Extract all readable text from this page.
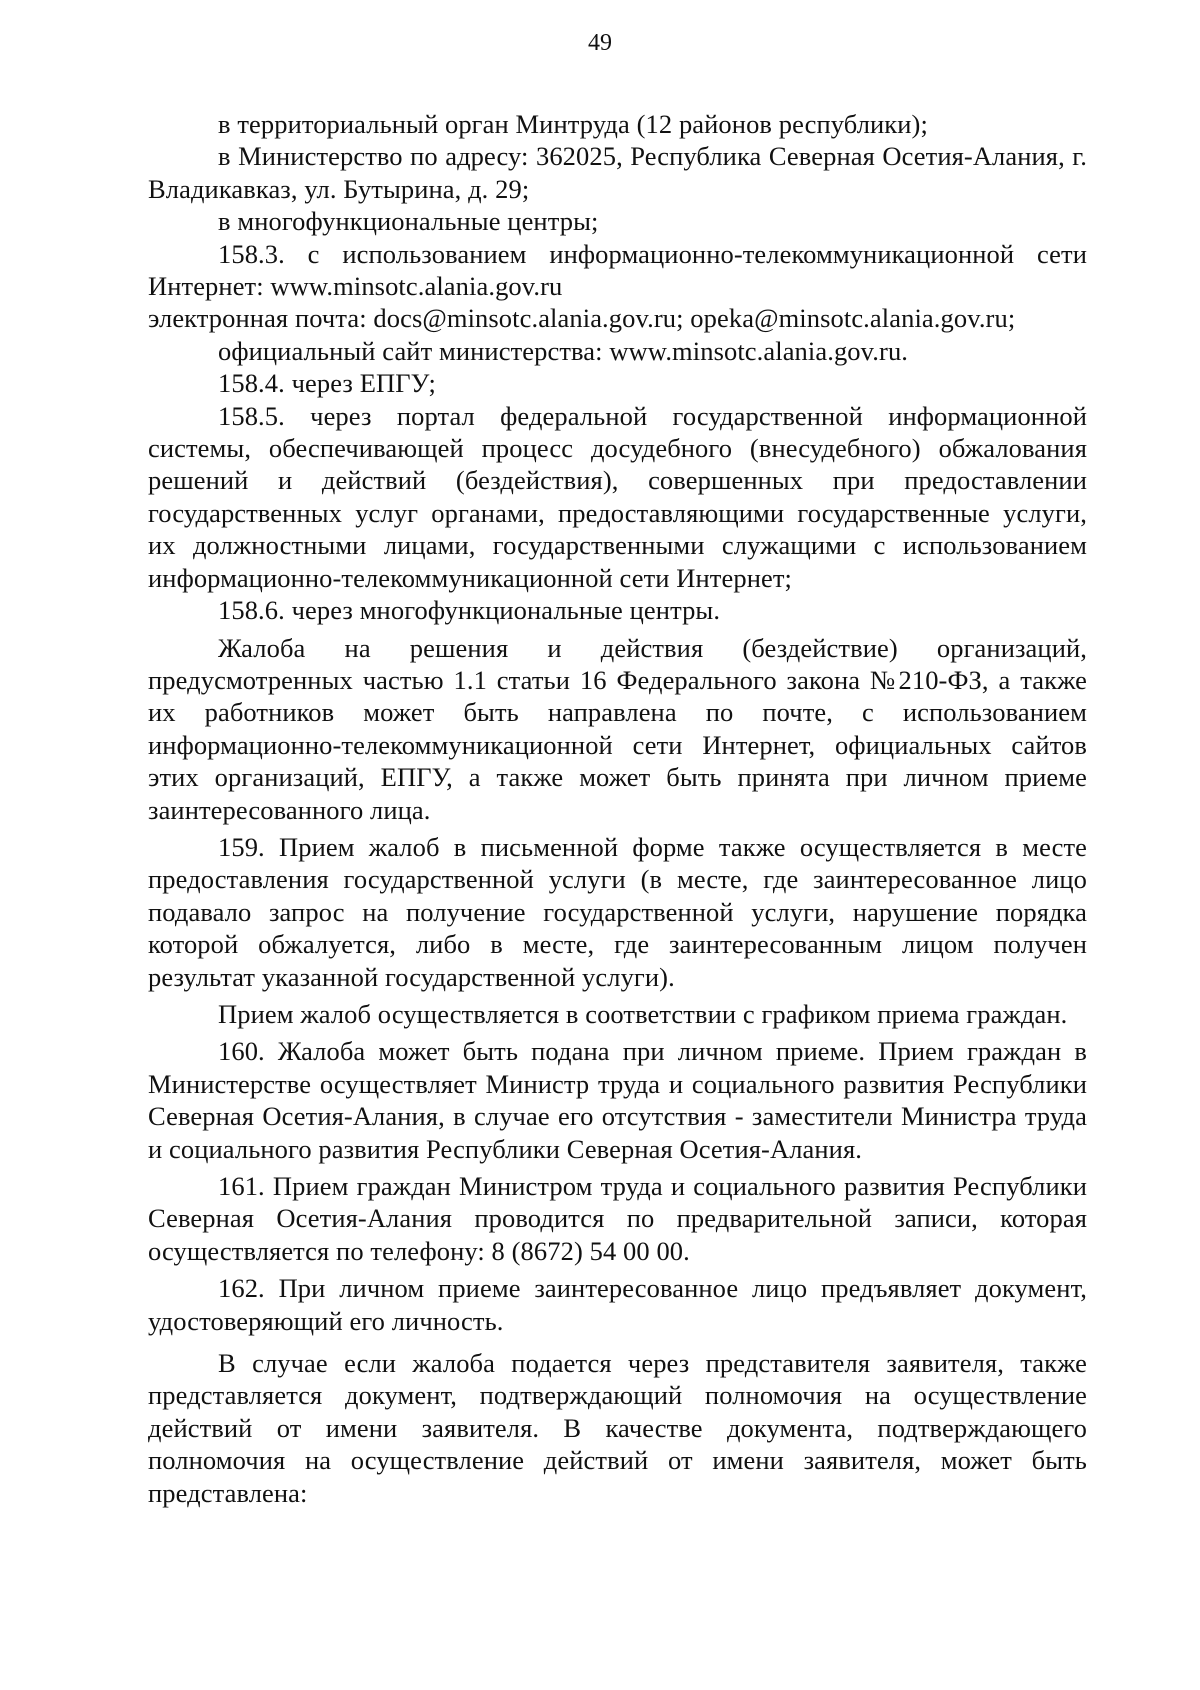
49

в территориальный орган Минтруда (12 районов республики);

в Министерство по адресу: 362025, Республика Северная Осетия-Алания, г. Владикавказ, ул. Бутырина, д. 29;

в многофункциональные центры;

158.3. с использованием информационно-телекоммуникационной сети Интернет: www.minsotc.alania.gov.ru

электронная почта: docs@minsotc.alania.gov.ru; opeka@minsotc.alania.gov.ru;

официальный сайт министерства: www.minsotc.alania.gov.ru.

158.4. через ЕПГУ;

158.5. через портал федеральной государственной информационной системы, обеспечивающей процесс досудебного (внесудебного) обжалования решений и действий (бездействия), совершенных при предоставлении государственных услуг органами, предоставляющими государственные услуги, их должностными лицами, государственными служащими с использованием информационно-телекоммуникационной сети Интернет;

158.6. через многофункциональные центры.

Жалоба на решения и действия (бездействие) организаций, предусмотренных частью 1.1 статьи 16 Федерального закона №210-ФЗ, а также их работников может быть направлена по почте, с использованием информационно-телекоммуникационной сети Интернет, официальных сайтов этих организаций, ЕПГУ, а также может быть принята при личном приеме заинтересованного лица.

159. Прием жалоб в письменной форме также осуществляется в месте предоставления государственной услуги (в месте, где заинтересованное лицо подавало запрос на получение государственной услуги, нарушение порядка которой обжалуется, либо в месте, где заинтересованным лицом получен результат указанной государственной услуги).

Прием жалоб осуществляется в соответствии с графиком приема граждан.

160. Жалоба может быть подана при личном приеме. Прием граждан в Министерстве осуществляет Министр труда и социального развития Республики Северная Осетия-Алания, в случае его отсутствия - заместители Министра труда и социального развития Республики Северная Осетия-Алания.

161. Прием граждан Министром труда и социального развития Республики Северная Осетия-Алания проводится по предварительной записи, которая осуществляется по телефону: 8 (8672) 54 00 00.

162. При личном приеме заинтересованное лицо предъявляет документ, удостоверяющий его личность.

В случае если жалоба подается через представителя заявителя, также представляется документ, подтверждающий полномочия на осуществление действий от имени заявителя. В качестве документа, подтверждающего полномочия на осуществление действий от имени заявителя, может быть представлена:
